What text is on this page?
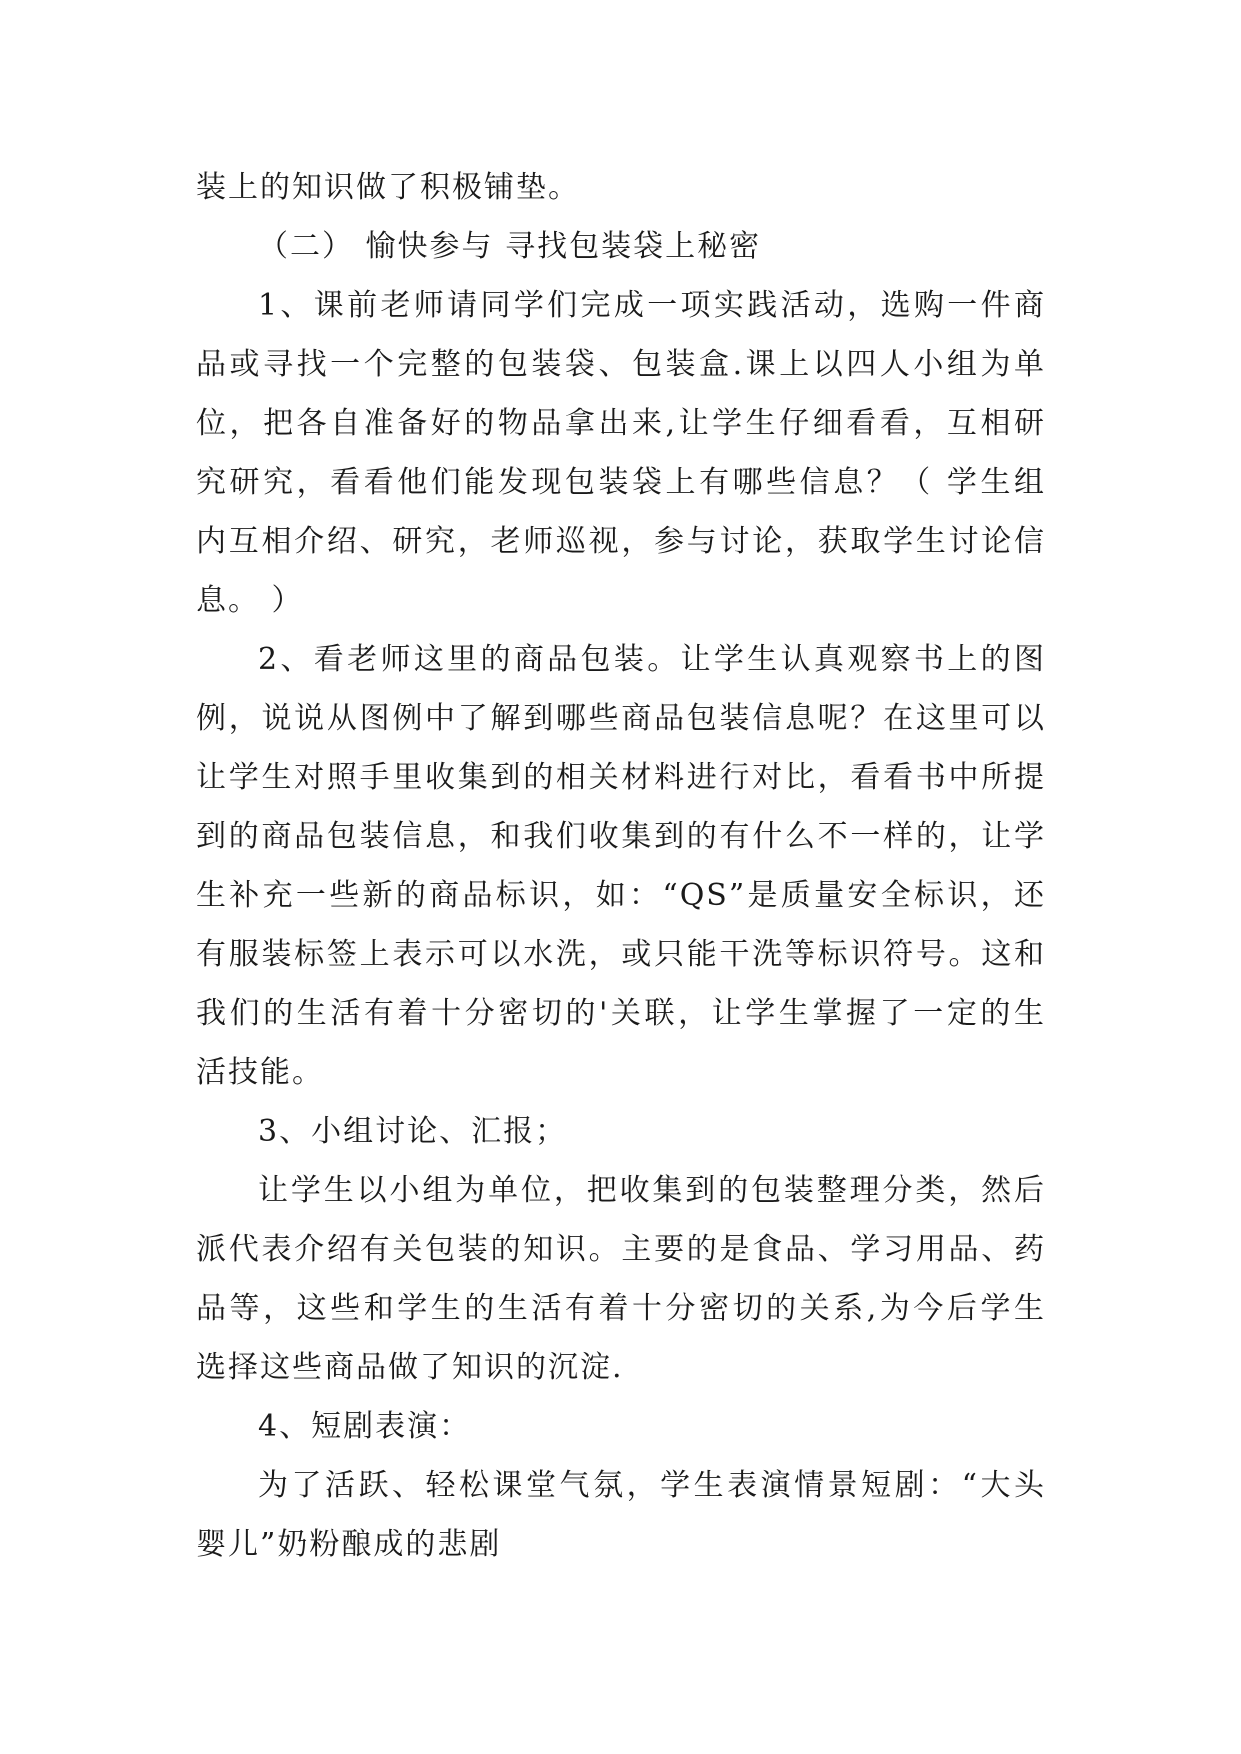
装上的知识做了积极铺垫。
（二） 愉快参与 寻找包装袋上秘密
1、课前老师请同学们完成一项实践活动，选购一件商
品或寻找一个完整的包装袋、包装盒.课上以四人小组为单
位，把各自准备好的物品拿出来,让学生仔细看看，互相研
究研究，看看他们能发现包装袋上有哪些信息？（ 学生组
内互相介绍、研究，老师巡视，参与讨论，获取学生讨论信
息。 ）
2、看老师这里的商品包装。让学生认真观察书上的图
例，说说从图例中了解到哪些商品包装信息呢？在这里可以
让学生对照手里收集到的相关材料进行对比，看看书中所提
到的商品包装信息，和我们收集到的有什么不一样的，让学
生补充一些新的商品标识，如：“QS”是质量安全标识，还
有服装标签上表示可以水洗，或只能干洗等标识符号。这和
我们的生活有着十分密切的'关联，让学生掌握了一定的生
活技能。
3、小组讨论、汇报；
让学生以小组为单位，把收集到的包装整理分类，然后
派代表介绍有关包装的知识。主要的是食品、学习用品、药
品等，这些和学生的生活有着十分密切的关系,为今后学生
选择这些商品做了知识的沉淀.
4、短剧表演：
为了活跃、轻松课堂气氛，学生表演情景短剧：“大头
婴儿”奶粉酿成的悲剧
